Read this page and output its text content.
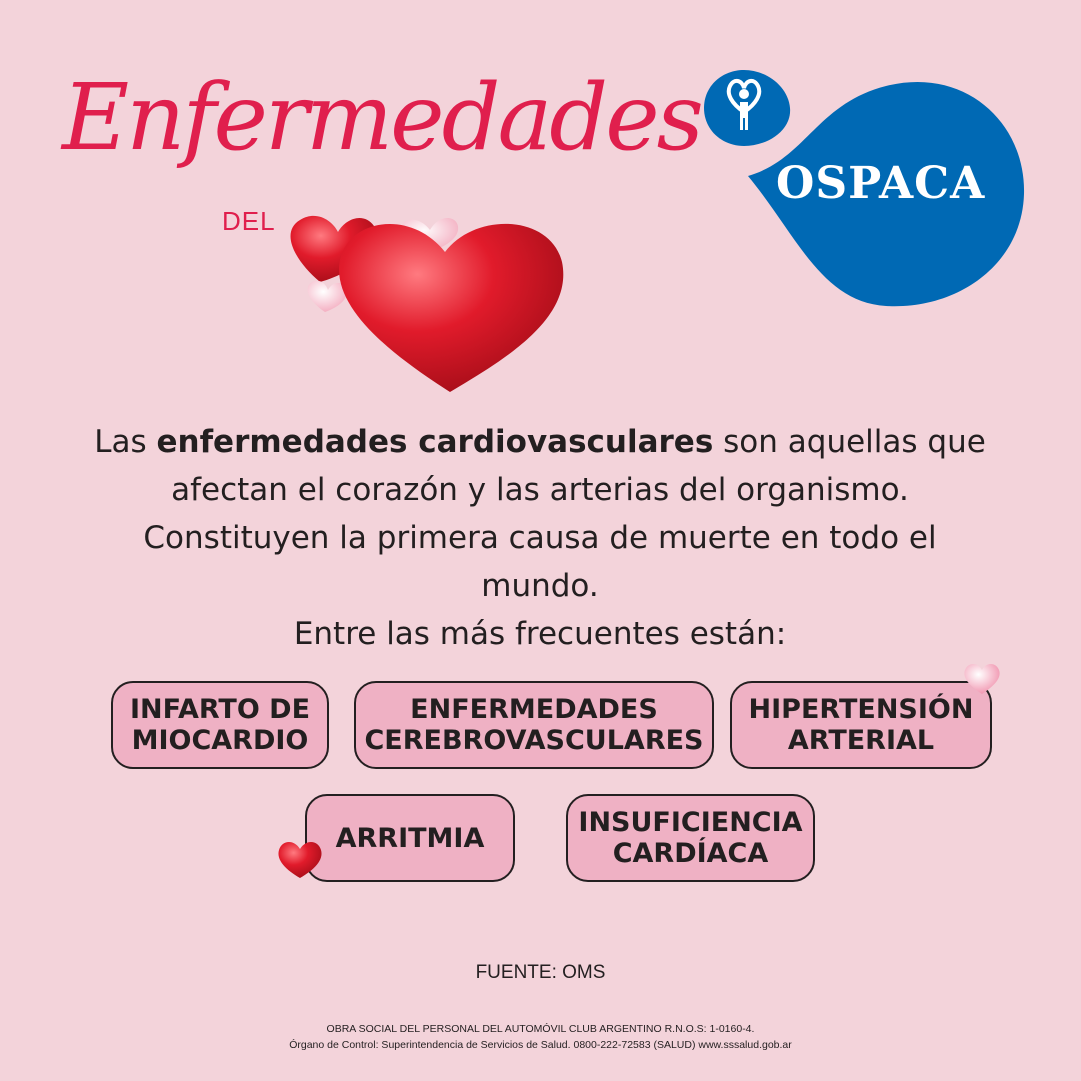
Enfermedades
DEL
OSPACA
Las enfermedades cardiovasculares son aquellas que afectan el corazón y las arterias del organismo. Constituyen la primera causa de muerte en todo el mundo.
Entre las más frecuentes están:
INFARTO DE
MIOCARDIO
ENFERMEDADES
CEREBROVASCULARES
HIPERTENSIÓN
ARTERIAL
ARRITMIA	INSUFICIENCIA
CARDÍACA
FUENTE: OMS
OBRA SOCIAL DEL PERSONAL DEL AUTOMÓVIL CLUB ARGENTINO R.N.O.S: 1-0160-4.
Órgano de Control: Superintendencia de Servicios de Salud. 0800-222-72583 (SALUD) www.sssalud.gob.ar
